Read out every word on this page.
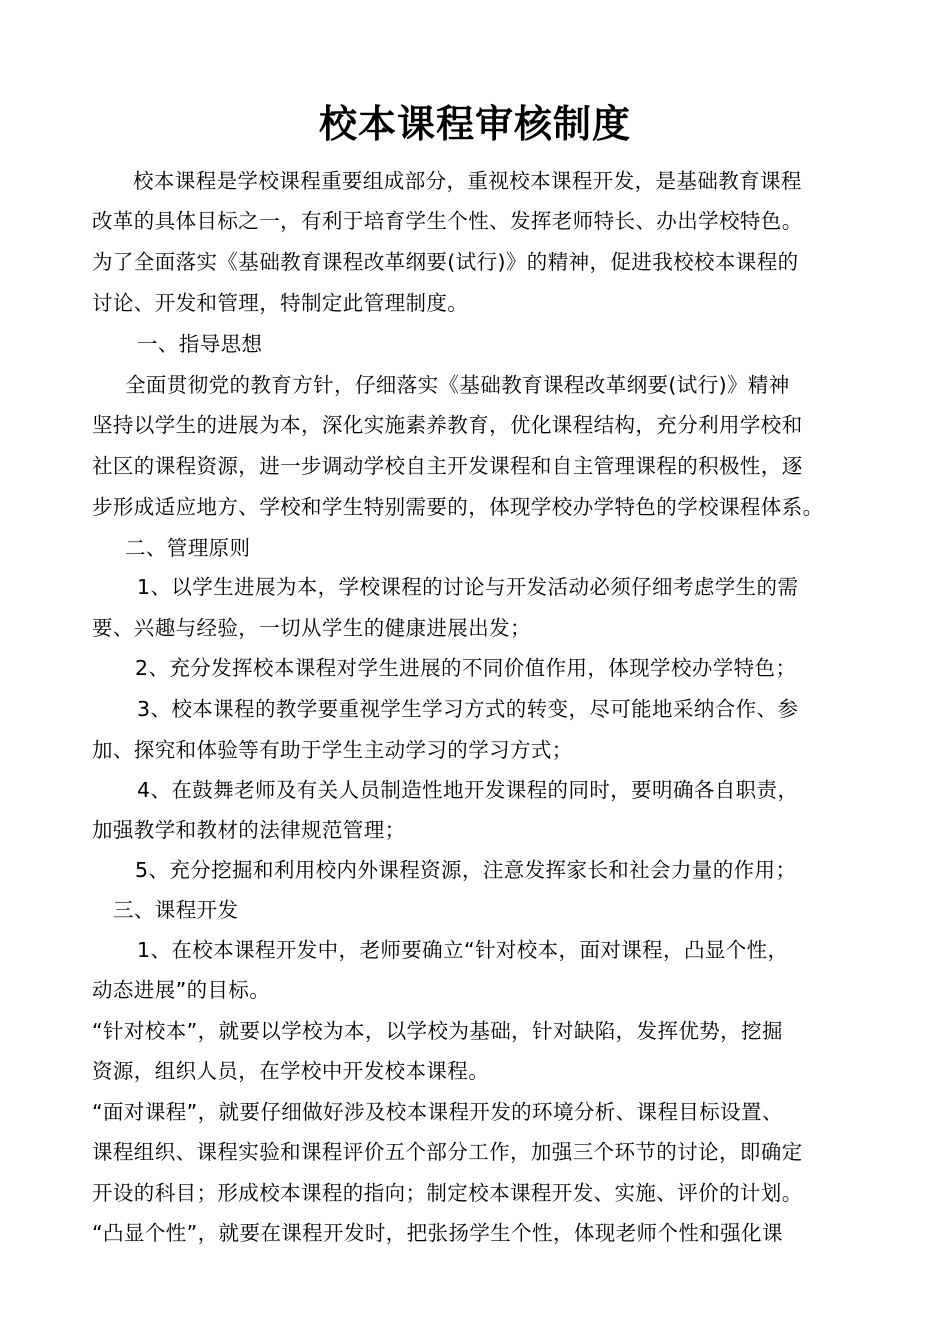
校本课程审核制度
校本课程是学校课程重要组成部分，重视校本课程开发，是基础教育课程
改革的具体目标之一，有利于培育学生个性、发挥老师特长、办出学校特色。
为了全面落实《基础教育课程改革纲要(试行)》的精神，促进我校校本课程的
讨论、开发和管理，特制定此管理制度。
一、指导思想
全面贯彻党的教育方针，仔细落实《基础教育课程改革纲要(试行)》精神
坚持以学生的进展为本，深化实施素养教育，优化课程结构，充分利用学校和
社区的课程资源，进一步调动学校自主开发课程和自主管理课程的积极性，逐
步形成适应地方、学校和学生特别需要的，体现学校办学特色的学校课程体系。
二、管理原则
1、以学生进展为本，学校课程的讨论与开发活动必须仔细考虑学生的需
要、兴趣与经验，一切从学生的健康进展出发；
2、充分发挥校本课程对学生进展的不同价值作用，体现学校办学特色；
3、校本课程的教学要重视学生学习方式的转变，尽可能地采纳合作、参
加、探究和体验等有助于学生主动学习的学习方式；
4、在鼓舞老师及有关人员制造性地开发课程的同时，要明确各自职责，
加强教学和教材的法律规范管理；
5、充分挖掘和利用校内外课程资源，注意发挥家长和社会力量的作用；
三、课程开发
1、在校本课程开发中，老师要确立“针对校本，面对课程，凸显个性，
动态进展”的目标。
“针对校本”，就要以学校为本，以学校为基础，针对缺陷，发挥优势，挖掘
资源，组织人员，在学校中开发校本课程。
“面对课程”，就要仔细做好涉及校本课程开发的环境分析、课程目标设置、
课程组织、课程实验和课程评价五个部分工作，加强三个环节的讨论，即确定
开设的科目；形成校本课程的指向；制定校本课程开发、实施、评价的计划。
“凸显个性”，就要在课程开发时，把张扬学生个性，体现老师个性和强化课
